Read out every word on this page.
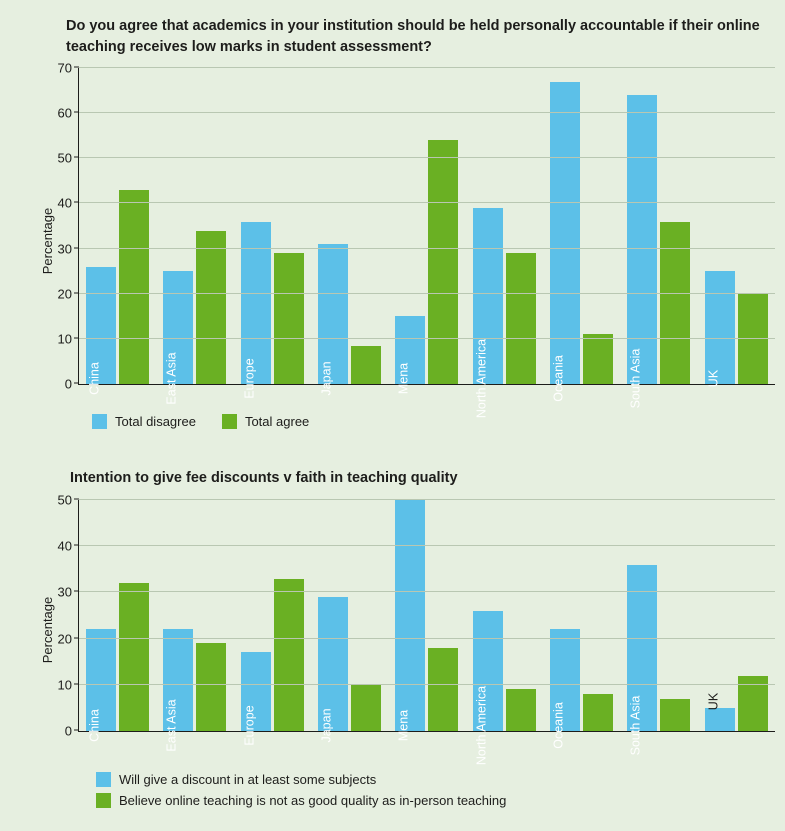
Do you agree that academics in your institution should be held personally accountable if their online teaching receives low marks in student assessment?
Percentage
China	East Asia	Europe	Japan	Mena	North America	Oceania	South Asia	UK
0
10
20
30
40
50
60
70
Total disagree	Total agree
Intention to give fee discounts v faith in teaching quality
Percentage
China	East Asia	Europe	Japan	Mena	North America	Oceania	South Asia	UK
0
10
20
30
40
50
Will give a discount in at least some subjects
Believe online teaching is not as good quality as in-person teaching
